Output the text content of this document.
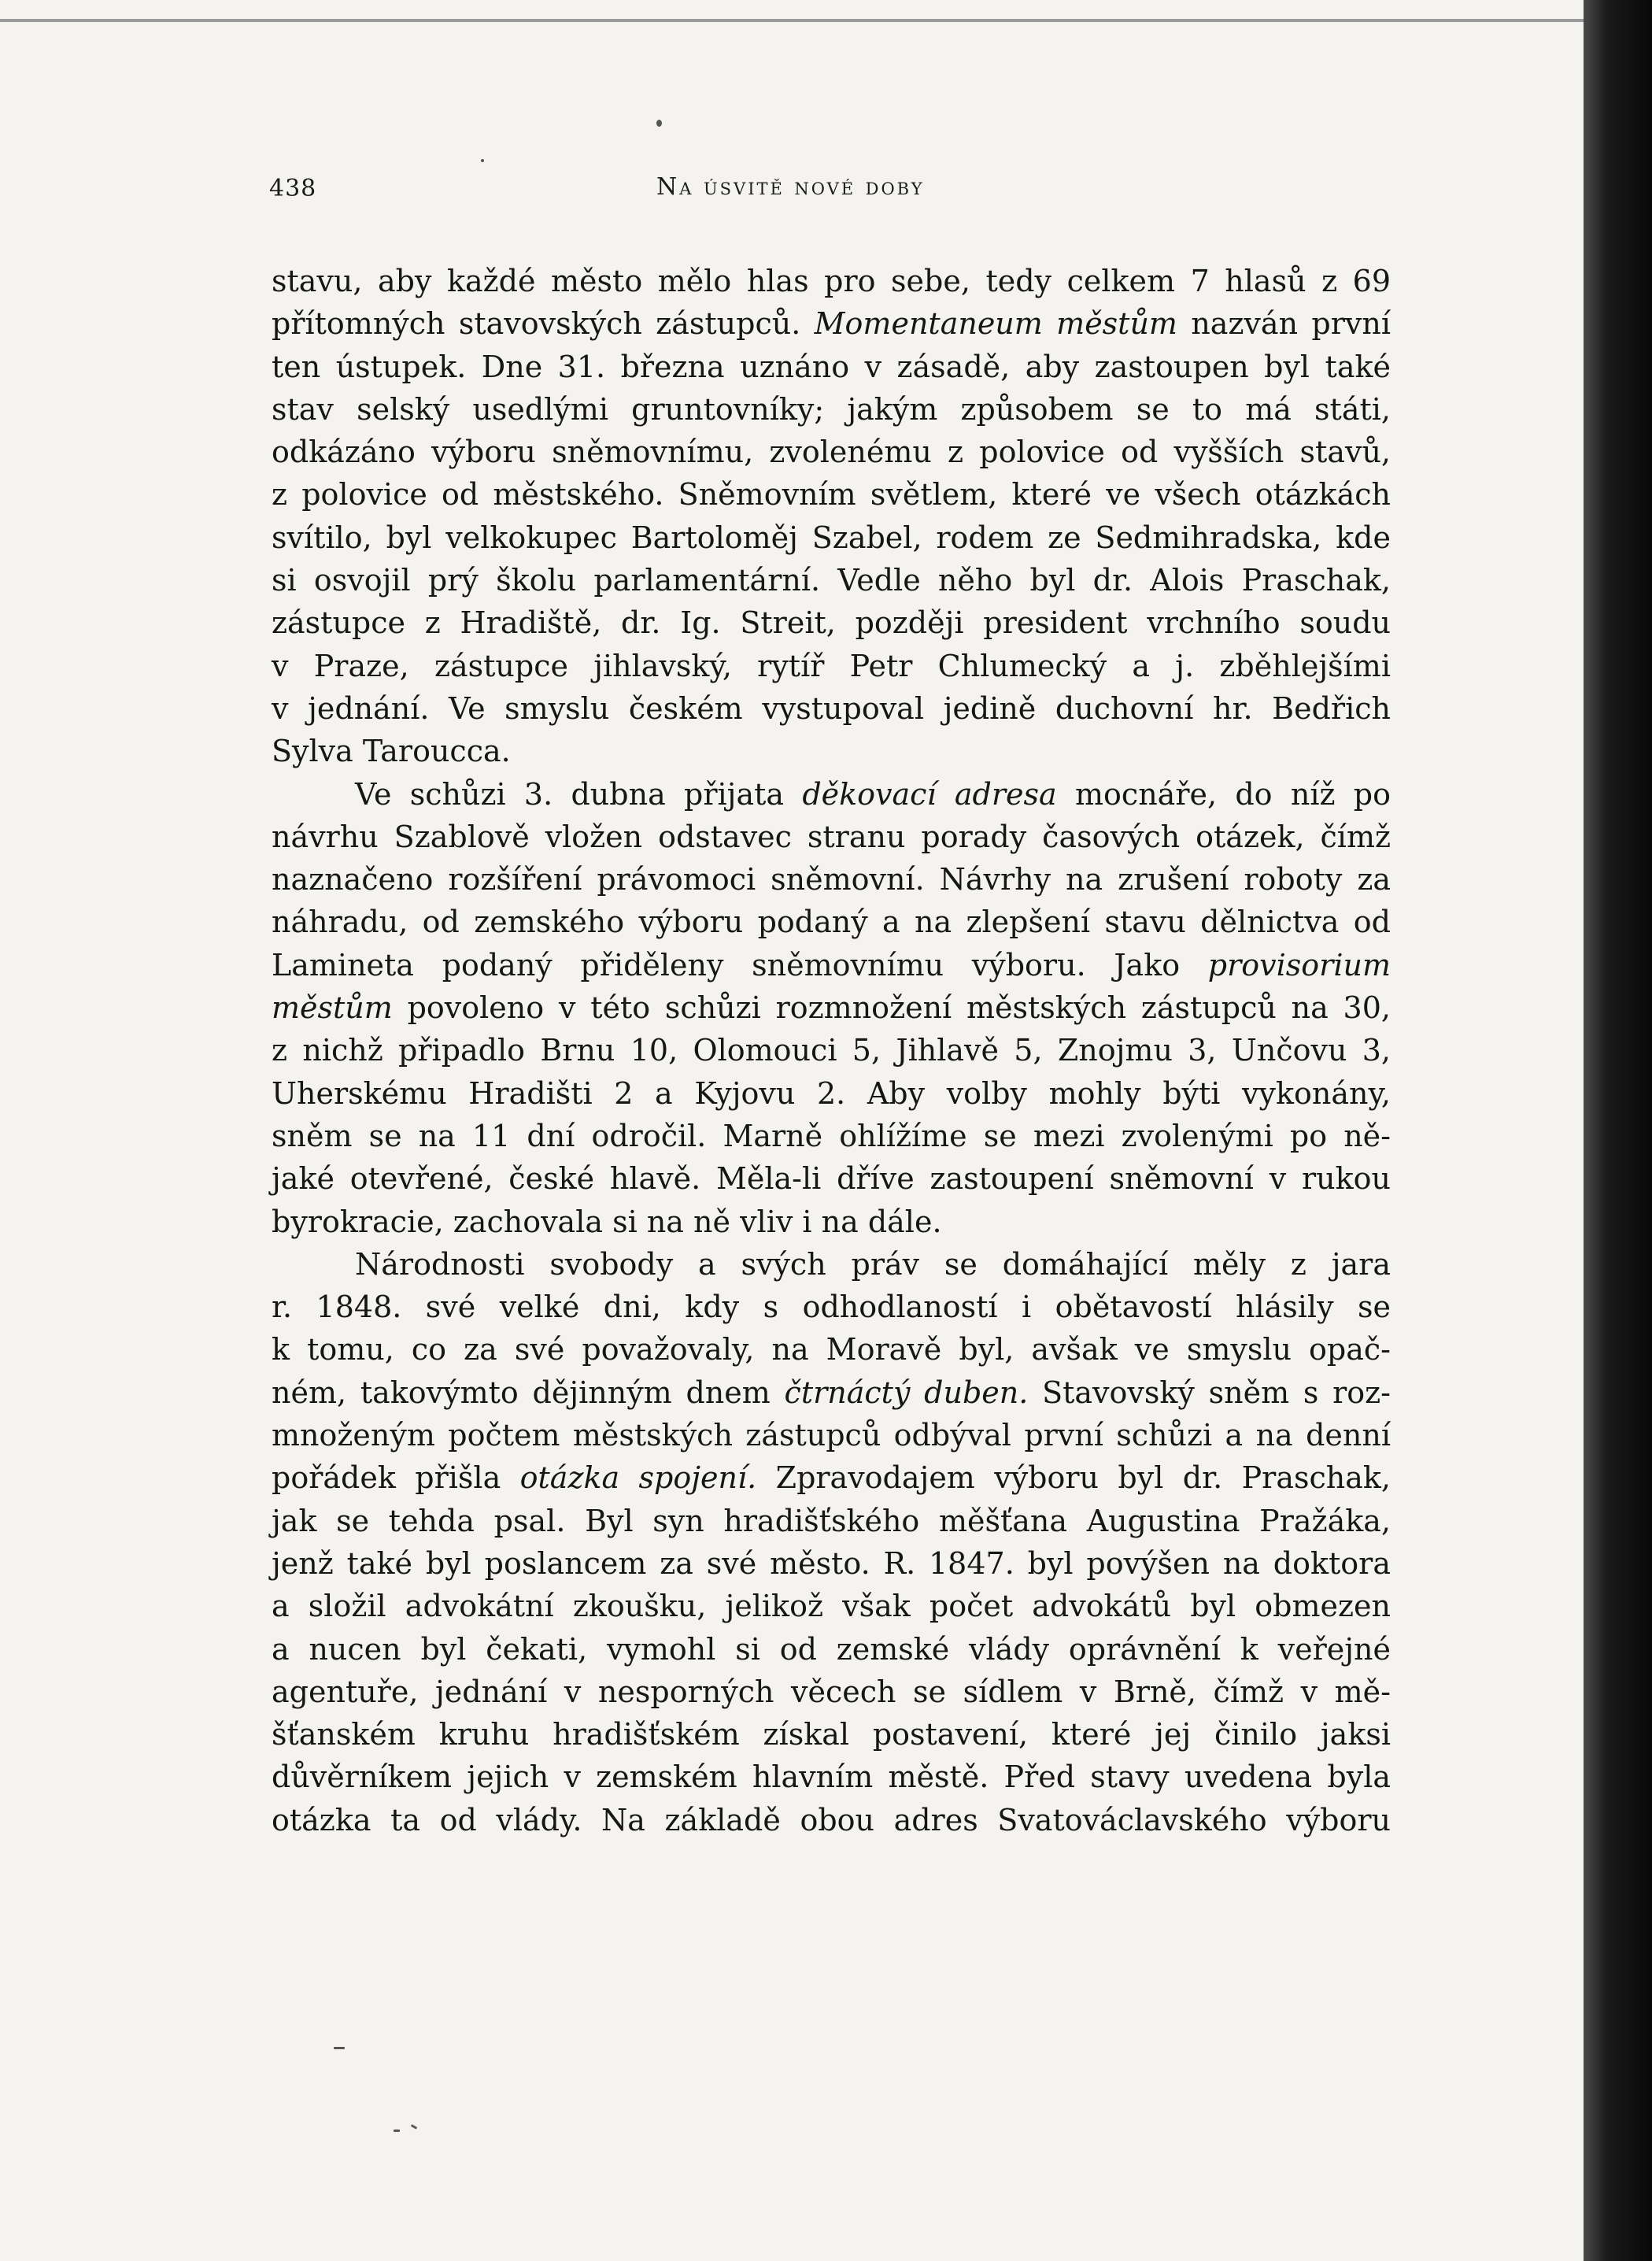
438	Na úsvitě nové doby
stavu, aby každé město mělo hlas pro sebe, tedy celkem 7 hlasů z 69
přítomných stavovských zástupců. Momentaneum městům nazván první
ten ústupek. Dne 31. března uznáno v zásadě, aby zastoupen byl také
stav selský usedlými gruntovníky; jakým způsobem se to má státi,
odkázáno výboru sněmovnímu, zvolenému z polovice od vyšších stavů,
z polovice od městského. Sněmovním světlem, které ve všech otázkách
svítilo, byl velkokupec Bartoloměj Szabel, rodem ze Sedmihradska, kde
si osvojil prý školu parlamentární. Vedle něho byl dr. Alois Praschak,
zástupce z Hradiště, dr. Ig. Streit, později president vrchního soudu
v Praze, zástupce jihlavský, rytíř Petr Chlumecký a j. zběhlejšími
v jednání. Ve smyslu českém vystupoval jedině duchovní hr. Bedřich
Sylva Taroucca.
Ve schůzi 3. dubna přijata děkovací adresa mocnáře, do níž po
návrhu Szablově vložen odstavec stranu porady časových otázek, čímž
naznačeno rozšíření právomoci sněmovní. Návrhy na zrušení roboty za
náhradu, od zemského výboru podaný a na zlepšení stavu dělnictva od
Lamineta podaný přiděleny sněmovnímu výboru. Jako provisorium
městům povoleno v této schůzi rozmnožení městských zástupců na 30,
z nichž připadlo Brnu 10, Olomouci 5, Jihlavě 5, Znojmu 3, Unčovu 3,
Uherskému Hradišti 2 a Kyjovu 2. Aby volby mohly býti vykonány,
sněm se na 11 dní odročil. Marně ohlížíme se mezi zvolenými po ně-
jaké otevřené, české hlavě. Měla-li dříve zastoupení sněmovní v rukou
byrokracie, zachovala si na ně vliv i na dále.
Národnosti svobody a svých práv se domáhající měly z jara
r. 1848. své velké dni, kdy s odhodlaností i obětavostí hlásily se
k tomu, co za své považovaly, na Moravě byl, avšak ve smyslu opač-
ném, takovýmto dějinným dnem čtrnáctý duben. Stavovský sněm s roz-
množeným počtem městských zástupců odbýval první schůzi a na denní
pořádek přišla otázka spojení. Zpravodajem výboru byl dr. Praschak,
jak se tehda psal. Byl syn hradišťského měšťana Augustina Pražáka,
jenž také byl poslancem za své město. R. 1847. byl povýšen na doktora
a složil advokátní zkoušku, jelikož však počet advokátů byl obmezen
a nucen byl čekati, vymohl si od zemské vlády oprávnění k veřejné
agentuře, jednání v nesporných věcech se sídlem v Brně, čímž v mě-
šťanském kruhu hradišťském získal postavení, které jej činilo jaksi
důvěrníkem jejich v zemském hlavním městě. Před stavy uvedena byla
otázka ta od vlády. Na základě obou adres Svatováclavského výboru
